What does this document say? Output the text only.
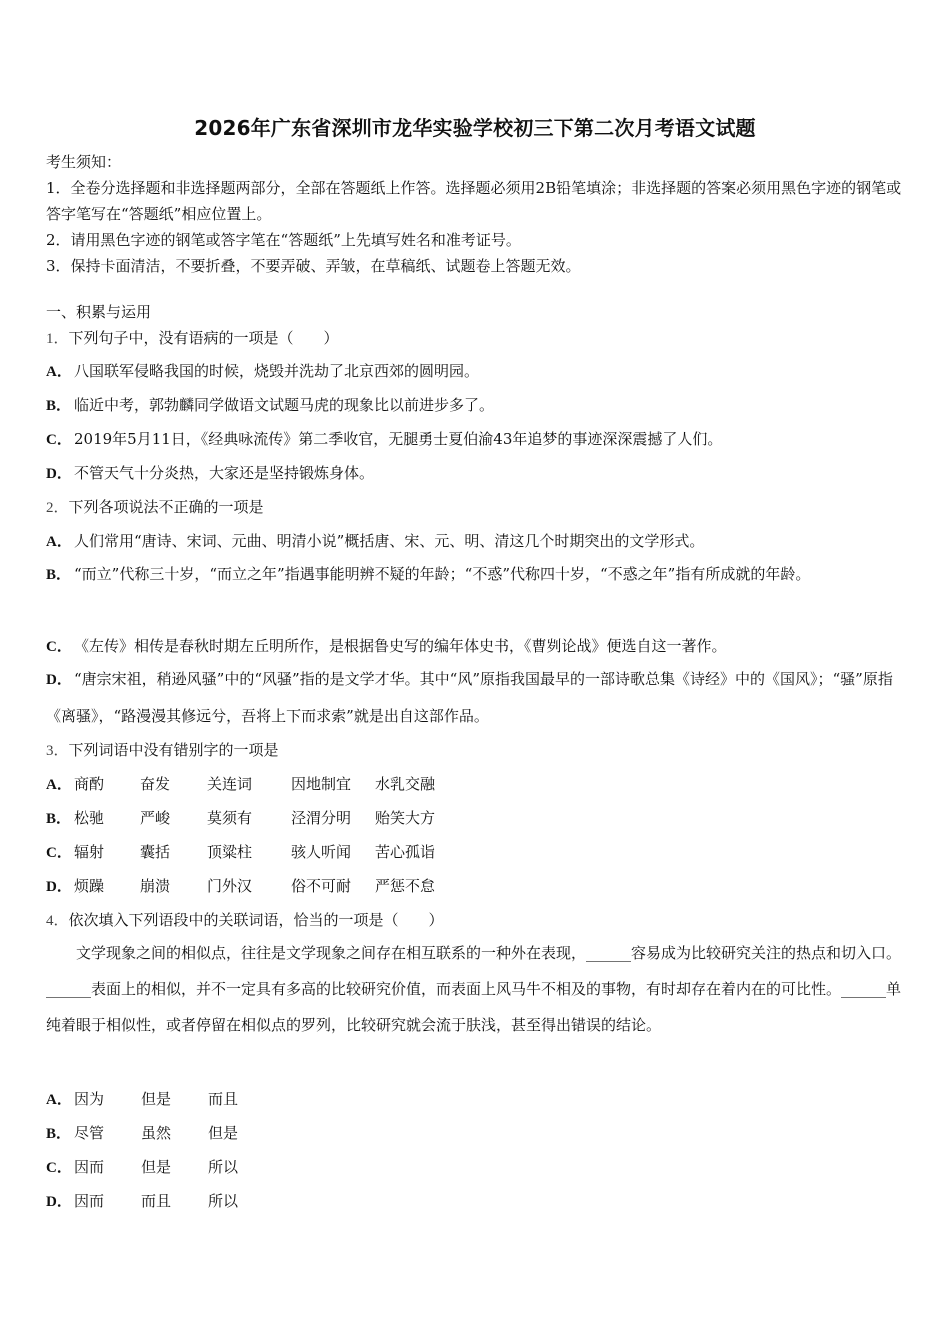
2026年广东省深圳市龙华实验学校初三下第二次月考语文试题
考生须知：
1．全卷分选择题和非选择题两部分，全部在答题纸上作答。选择题必须用2B铅笔填涂；非选择题的答案必须用黑色字迹的钢笔或答字笔写在“答题纸”相应位置上。
2．请用黑色字迹的钢笔或答字笔在“答题纸”上先填写姓名和准考证号。
3．保持卡面清洁，不要折叠，不要弄破、弄皱，在草稿纸、试题卷上答题无效。
一、积累与运用
1．下列句子中，没有语病的一项是（　　）
A． 八国联军侵略我国的时候，烧毁并洗劫了北京西郊的圆明园。
B． 临近中考，郭勃麟同学做语文试题马虎的现象比以前进步多了。
C． 2019年5月11日，《经典咏流传》第二季收官，无腿勇士夏伯渝43年追梦的事迹深深震撼了人们。
D． 不管天气十分炎热，大家还是坚持锻炼身体。
2．下列各项说法不正确的一项是
A． 人们常用“唐诗、宋词、元曲、明清小说”概括唐、宋、元、明、清这几个时期突出的文学形式。
B． “而立”代称三十岁，“而立之年”指遇事能明辨不疑的年龄；“不惑”代称四十岁，“不惑之年”指有所成就的年龄。
C． 《左传》相传是春秋时期左丘明所作，是根据鲁史写的编年体史书，《曹刿论战》便选自这一著作。
D． “唐宗宋祖，稍逊风骚”中的“风骚”指的是文学才华。其中“风”原指我国最早的一部诗歌总集《诗经》中的《国风》；“骚”原指《离骚》，“路漫漫其修远兮，吾将上下而求索”就是出自这部作品。
3．下列词语中没有错别字的一项是
A． 商酌 奋发 关连词	因地制宜 水乳交融
B． 松驰 严峻 莫须有	泾渭分明 贻笑大方
C． 辐射 囊括 顶粱柱	骇人听闻 苦心孤诣
D． 烦躁 崩溃 门外汉	俗不可耐 严惩不怠
4．依次填入下列语段中的关联词语，恰当的一项是（　　）
文学现象之间的相似点，往往是文学现象之间存在相互联系的一种外在表现，______容易成为比较研究关注的热点和切入口。______表面上的相似，并不一定具有多高的比较研究价值，而表面上风马牛不相及的事物，有时却存在着内在的可比性。______单纯着眼于相似性，或者停留在相似点的罗列，比较研究就会流于肤浅，甚至得出错误的结论。
A． 因为 但是 而且
B． 尽管 虽然 但是
C． 因而 但是 所以
D． 因而 而且 所以
